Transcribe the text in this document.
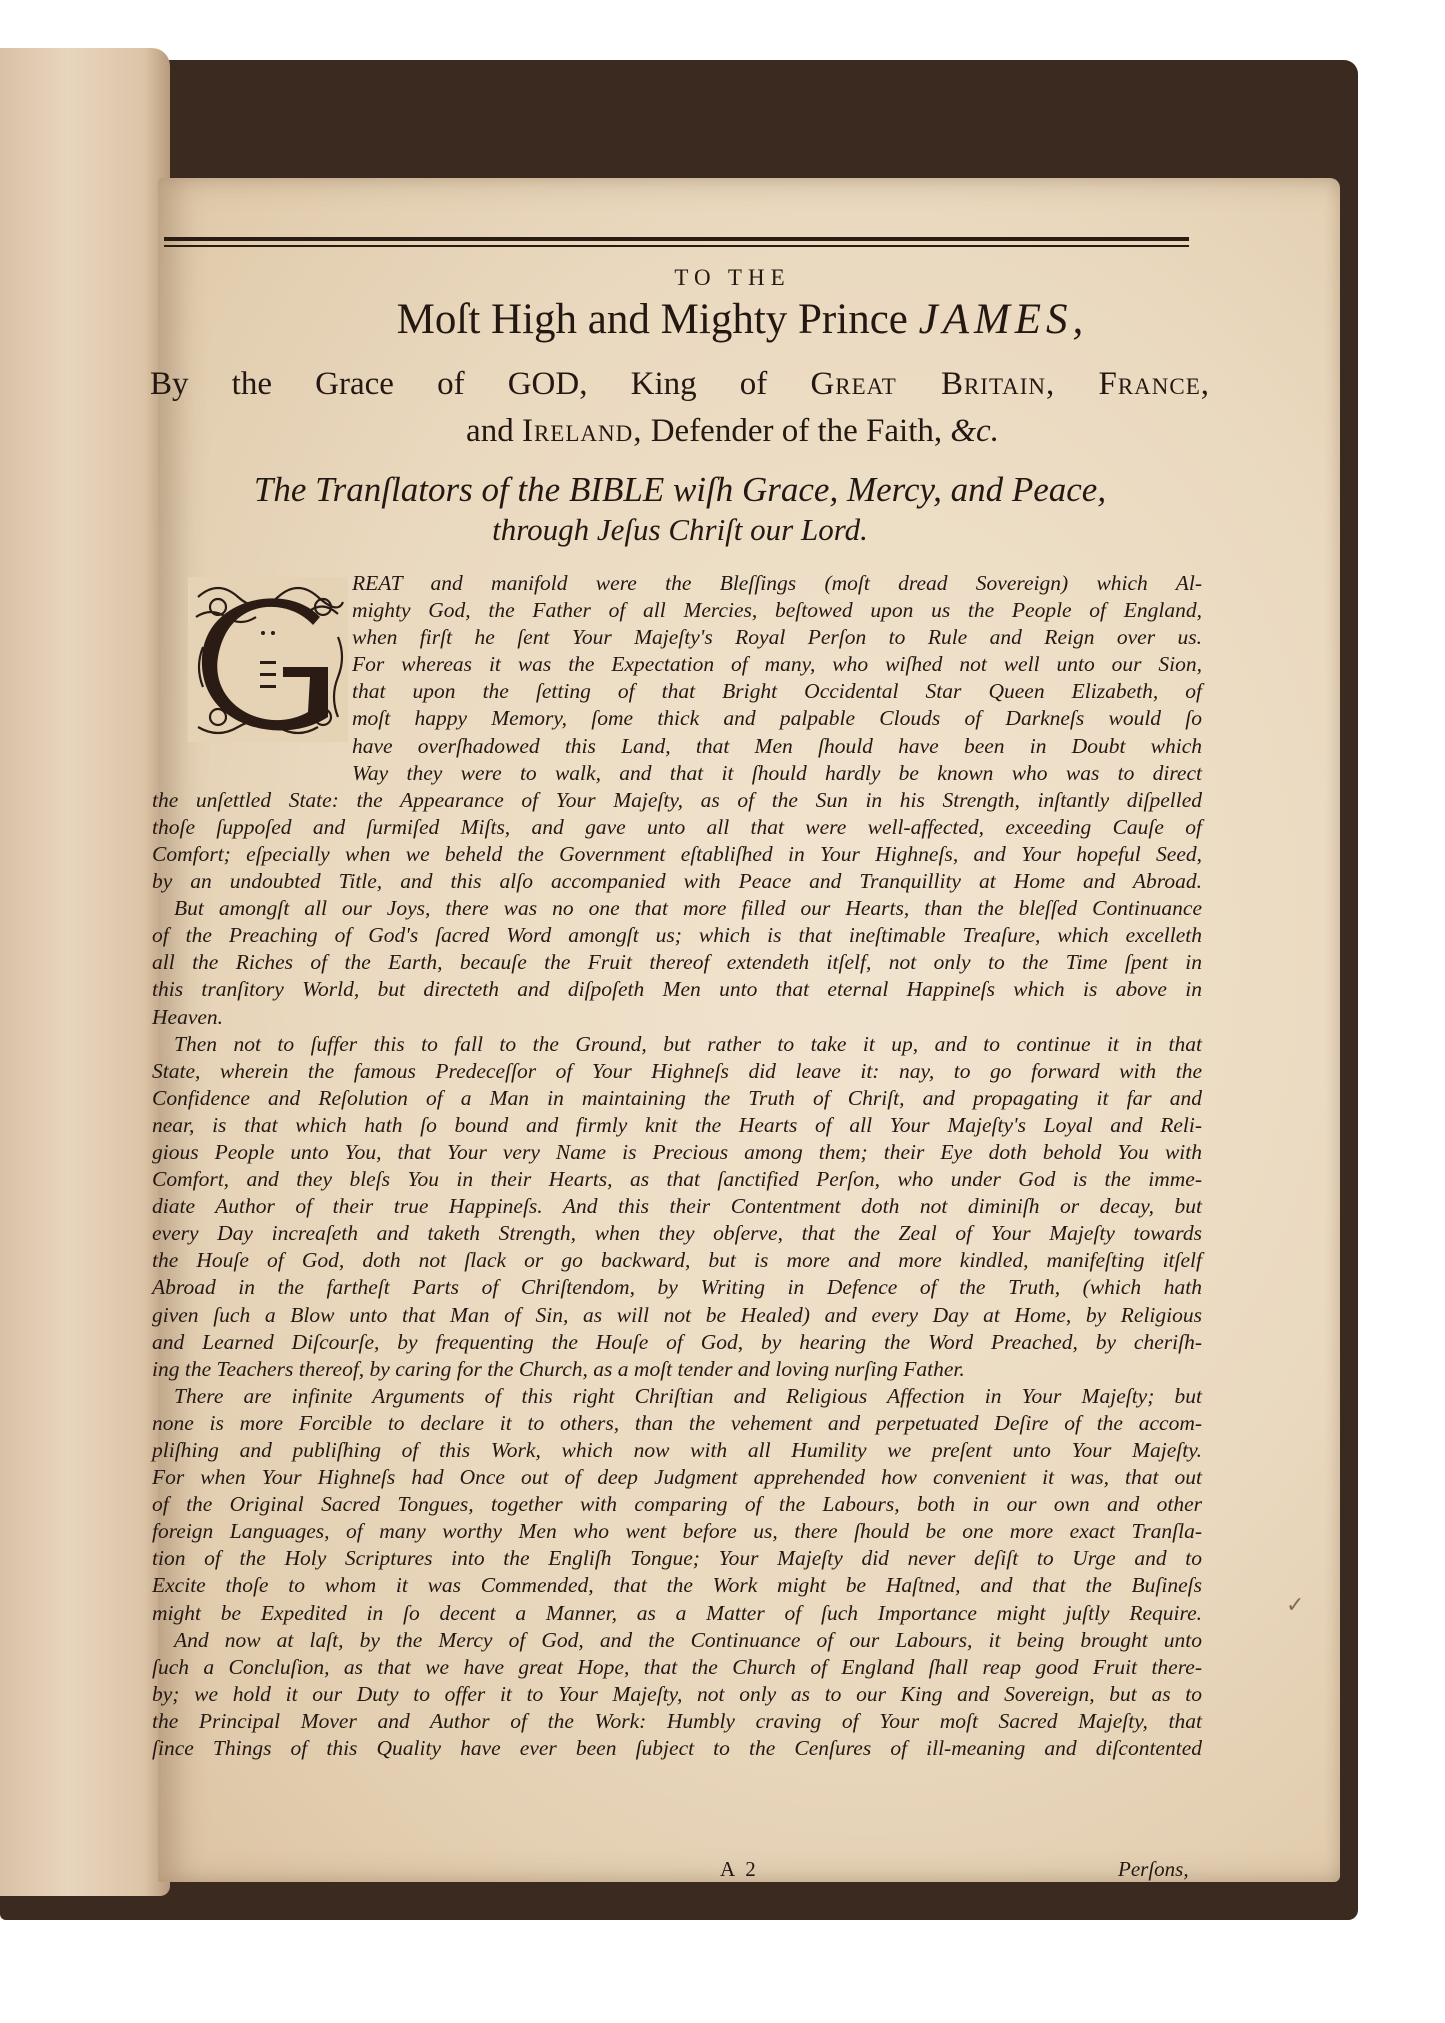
TO THE
Moſt High and Mighty Prince JAMES,
By the Grace of GOD, King of Great Britain, France,
and Ireland, Defender of the Faith, &c.
The Tranſlators of the BIBLE wiſh Grace, Mercy, and Peace,
through Jeſus Chriſt our Lord.
REAT and manifold were the Bleſſings (moſt dread Sovereign) which Al-
mighty God, the Father of all Mercies, beſtowed upon us the People of England,
when firſt he ſent Your Majeſty's Royal Perſon to Rule and Reign over us.
For whereas it was the Expectation of many, who wiſhed not well unto our Sion,
that upon the ſetting of that Bright Occidental Star Queen Elizabeth, of
moſt happy Memory, ſome thick and palpable Clouds of Darkneſs would ſo
have overſhadowed this Land, that Men ſhould have been in Doubt which
Way they were to walk, and that it ſhould hardly be known who was to direct
the unſettled State: the Appearance of Your Majeſty, as of the Sun in his Strength, inſtantly diſpelled
thoſe ſuppoſed and ſurmiſed Miſts, and gave unto all that were well-affected, exceeding Cauſe of
Comfort; eſpecially when we beheld the Government eſtabliſhed in Your Highneſs, and Your hopeful Seed,
by an undoubted Title, and this alſo accompanied with Peace and Tranquillity at Home and Abroad.
But amongſt all our Joys, there was no one that more filled our Hearts, than the bleſſed Continuance
of the Preaching of God's ſacred Word amongſt us; which is that ineſtimable Treaſure, which excelleth
all the Riches of the Earth, becauſe the Fruit thereof extendeth itſelf, not only to the Time ſpent in
this tranſitory World, but directeth and diſpoſeth Men unto that eternal Happineſs which is above in
Heaven.
Then not to ſuffer this to fall to the Ground, but rather to take it up, and to continue it in that
State, wherein the famous Predeceſſor of Your Highneſs did leave it: nay, to go forward with the
Confidence and Reſolution of a Man in maintaining the Truth of Chriſt, and propagating it far and
near, is that which hath ſo bound and firmly knit the Hearts of all Your Majeſty's Loyal and Reli-
gious People unto You, that Your very Name is Precious among them; their Eye doth behold You with
Comfort, and they bleſs You in their Hearts, as that ſanctified Perſon, who under God is the imme-
diate Author of their true Happineſs. And this their Contentment doth not diminiſh or decay, but
every Day increaſeth and taketh Strength, when they obſerve, that the Zeal of Your Majeſty towards
the Houſe of God, doth not ſlack or go backward, but is more and more kindled, manifeſting itſelf
Abroad in the fartheſt Parts of Chriſtendom, by Writing in Defence of the Truth, (which hath
given ſuch a Blow unto that Man of Sin, as will not be Healed) and every Day at Home, by Religious
and Learned Diſcourſe, by frequenting the Houſe of God, by hearing the Word Preached, by cheriſh-
ing the Teachers thereof, by caring for the Church, as a moſt tender and loving nurſing Father.
There are infinite Arguments of this right Chriſtian and Religious Affection in Your Majeſty; but
none is more Forcible to declare it to others, than the vehement and perpetuated Deſire of the accom-
pliſhing and publiſhing of this Work, which now with all Humility we preſent unto Your Majeſty.
For when Your Highneſs had Once out of deep Judgment apprehended how convenient it was, that out
of the Original Sacred Tongues, together with comparing of the Labours, both in our own and other
foreign Languages, of many worthy Men who went before us, there ſhould be one more exact Tranſla-
tion of the Holy Scriptures into the Engliſh Tongue; Your Majeſty did never deſiſt to Urge and to
Excite thoſe to whom it was Commended, that the Work might be Haſtned, and that the Buſineſs
might be Expedited in ſo decent a Manner, as a Matter of ſuch Importance might juſtly Require.
And now at laſt, by the Mercy of God, and the Continuance of our Labours, it being brought unto
ſuch a Concluſion, as that we have great Hope, that the Church of England ſhall reap good Fruit there-
by; we hold it our Duty to offer it to Your Majeſty, not only as to our King and Sovereign, but as to
the Principal Mover and Author of the Work: Humbly craving of Your moſt Sacred Majeſty, that
ſince Things of this Quality have ever been ſubject to the Cenſures of ill-meaning and diſcontented
A 2	Perſons,
✓
